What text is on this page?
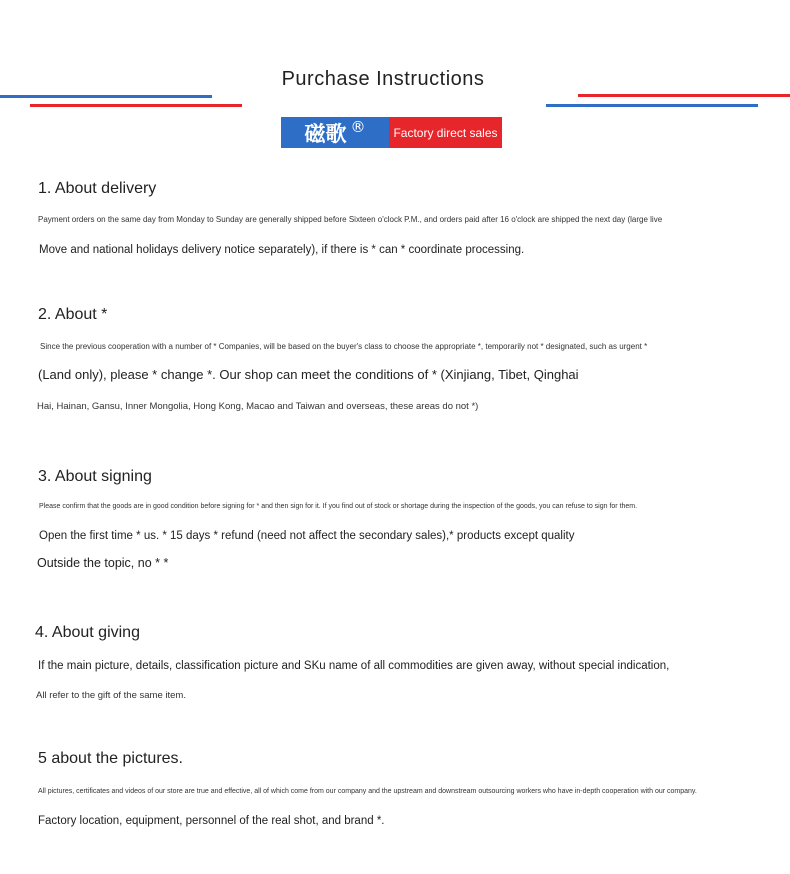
Purchase Instructions
磁歌 ®	Factory direct sales
1. About delivery
Payment orders on the same day from Monday to Sunday are generally shipped before Sixteen o'clock P.M., and orders paid after 16 o'clock are shipped the next day (large live
Move and national holidays delivery notice separately), if there is * can * coordinate processing.
2. About *
Since the previous cooperation with a number of * Companies, will be based on the buyer's class to choose the appropriate *, temporarily not * designated, such as urgent *
(Land only), please * change *. Our shop can meet the conditions of * (Xinjiang, Tibet, Qinghai
Hai, Hainan, Gansu, Inner Mongolia, Hong Kong, Macao and Taiwan and overseas, these areas do not *)
3. About signing
Please confirm that the goods are in good condition before signing for * and then sign for it. If you find out of stock or shortage during the inspection of the goods, you can refuse to sign for them.
Open the first time * us. * 15 days * refund (need not affect the secondary sales),* products except quality
Outside the topic, no * *
4. About giving
If the main picture, details, classification picture and SKu name of all commodities are given away, without special indication,
All refer to the gift of the same item.
5 about the pictures.
All pictures, certificates and videos of our store are true and effective, all of which come from our company and the upstream and downstream outsourcing workers who have in-depth cooperation with our company.
Factory location, equipment, personnel of the real shot, and brand *.
